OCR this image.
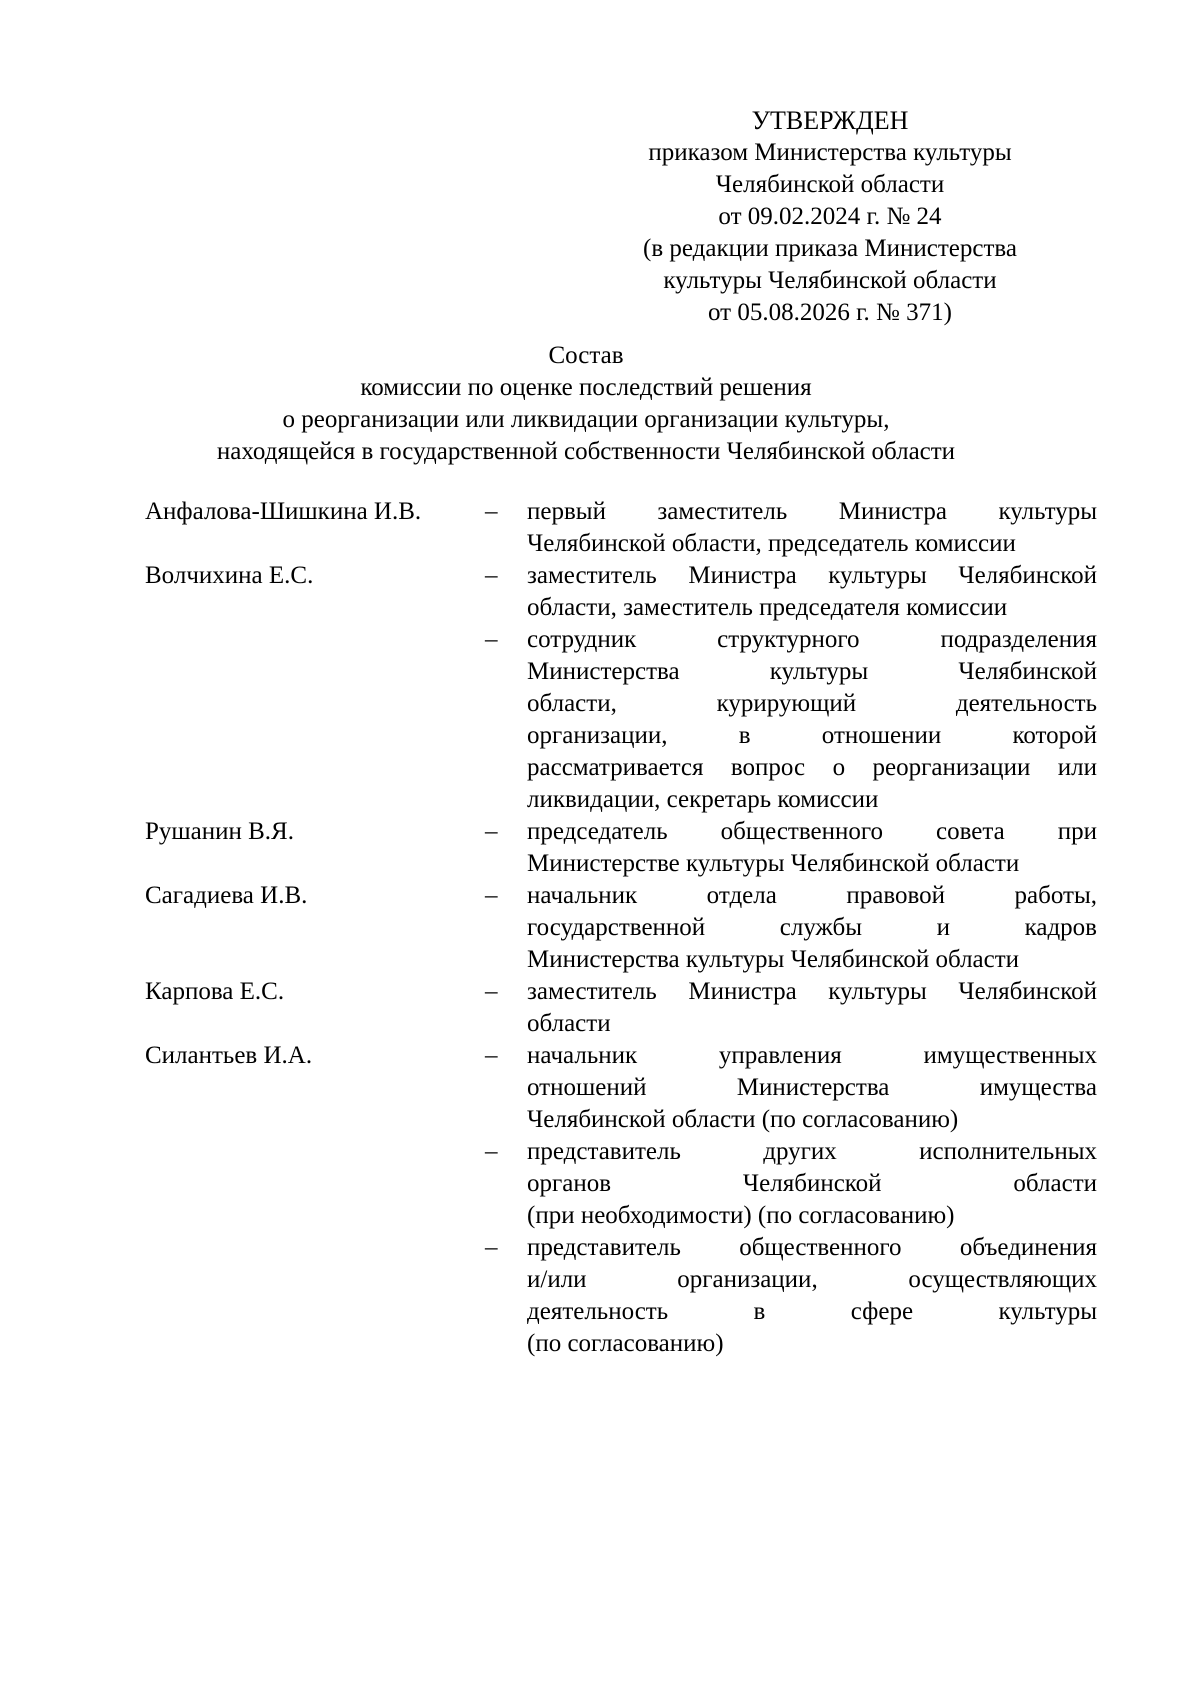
УТВЕРЖДЕН
приказом Министерства культуры
Челябинской области
от 09.02.2024 г. № 24
(в редакции приказа Министерства
культуры Челябинской области
от 05.08.2026 г. № 371)
Состав
комиссии по оценке последствий решения
о реорганизации или ликвидации организации культуры,
находящейся в государственной собственности Челябинской области
Анфалова-Шишкина И.В.	–	первый заместитель Министра культуры
Челябинской области, председатель комиссии
Волчихина Е.С.	–	заместитель Министра культуры Челябинской
области, заместитель председателя комиссии
–	сотрудник структурного подразделения
Министерства культуры Челябинской
области, курирующий деятельность
организации, в отношении которой
рассматривается вопрос о реорганизации или
ликвидации, секретарь комиссии
Рушанин В.Я.	–	председатель общественного совета при
Министерстве культуры Челябинской области
Сагадиева И.В.	–	начальник отдела правовой работы,
государственной службы и кадров
Министерства культуры Челябинской области
Карпова Е.С.	–	заместитель Министра культуры Челябинской
области
Силантьев И.А.	–	начальник управления имущественных
отношений Министерства имущества
Челябинской области (по согласованию)
–	представитель других исполнительных
органов Челябинской области
(при необходимости) (по согласованию)
–	представитель общественного объединения
и/или организации, осуществляющих
деятельность в сфере культуры
(по согласованию)
